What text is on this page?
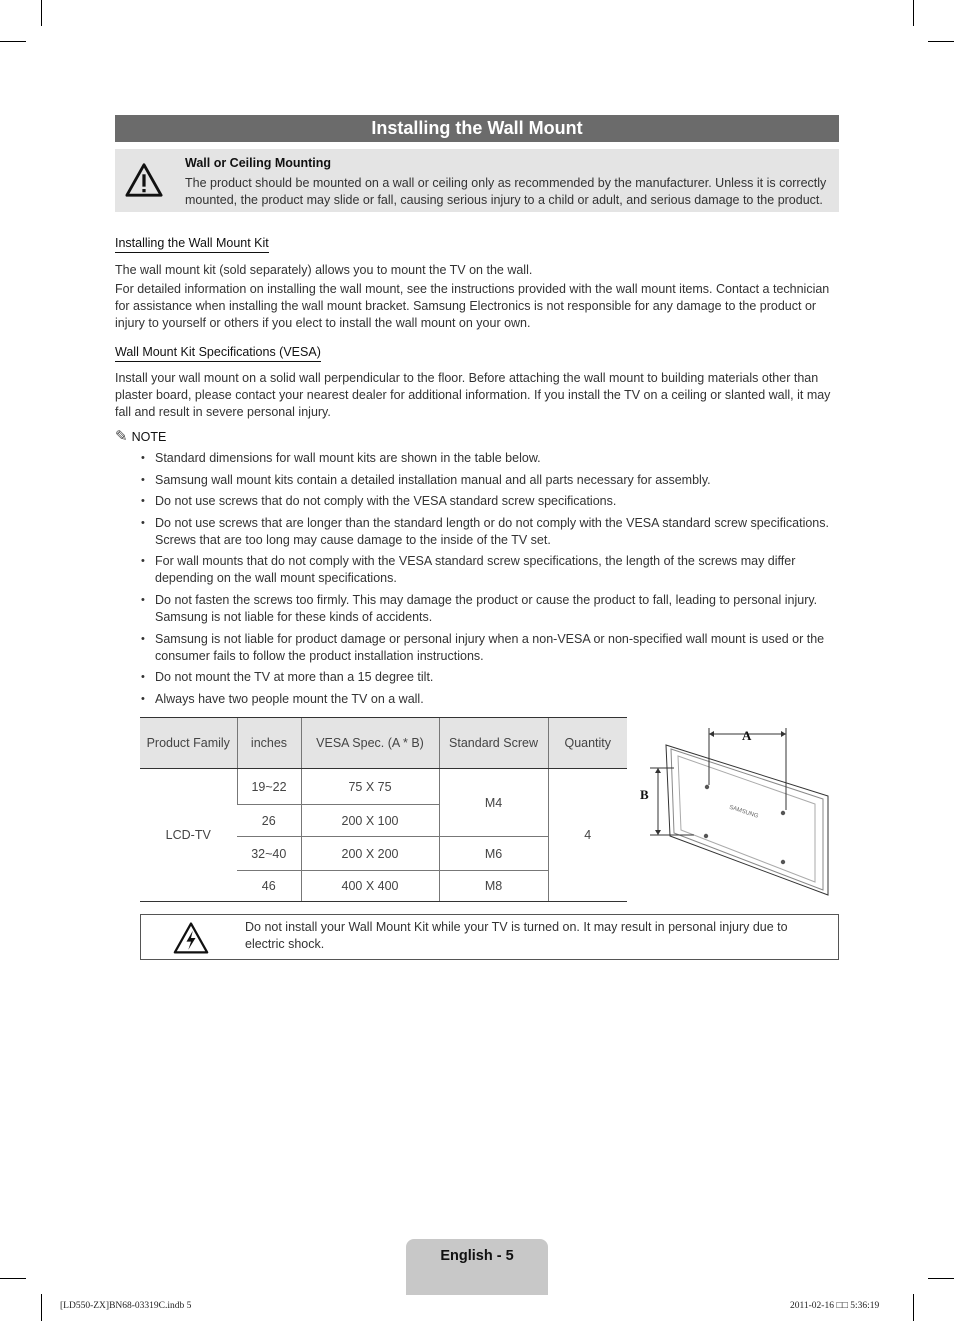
Installing the Wall Mount
Wall or Ceiling Mounting
The product should be mounted on a wall or ceiling only as recommended by the manufacturer. Unless it is correctly mounted, the product may slide or fall, causing serious injury to a child or adult, and serious damage to the product.
Installing the Wall Mount Kit

The wall mount kit (sold separately) allows you to mount the TV on the wall.

For detailed information on installing the wall mount, see the instructions provided with the wall mount items. Contact a technician for assistance when installing the wall mount bracket. Samsung Electronics is not responsible for any damage to the product or injury to yourself or others if you elect to install the wall mount on your own.

Wall Mount Kit Specifications (VESA)

Install your wall mount on a solid wall perpendicular to the floor. Before attaching the wall mount to building materials other than plaster board, please contact your nearest dealer for additional information. If you install the TV on a ceiling or slanted wall, it may fall and result in severe personal injury.

✎ NOTE
• Standard dimensions for wall mount kits are shown in the table below.
• Samsung wall mount kits contain a detailed installation manual and all parts necessary for assembly.
• Do not use screws that do not comply with the VESA standard screw specifications.
• Do not use screws that are longer than the standard length or do not comply with the VESA standard screw specifications. Screws that are too long may cause damage to the inside of the TV set.
• For wall mounts that do not comply with the VESA standard screw specifications, the length of the screws may differ depending on the wall mount specifications.
• Do not fasten the screws too firmly. This may damage the product or cause the product to fall, leading to personal injury. Samsung is not liable for these kinds of accidents.
• Samsung is not liable for product damage or personal injury when a non-VESA or non-specified wall mount is used or the consumer fails to follow the product installation instructions.
• Do not mount the TV at more than a 15 degree tilt.
• Always have two people mount the TV on a wall.
Product Family	inches	VESA Spec. (A * B)	Standard Screw	Quantity
LCD-TV	19~22	75 X 75	M4	4
	26	200 X 100		
	32~40	200 X 200	M6	
	46	400 X 400	M8	
A
B
SAMSUNG
Do not install your Wall Mount Kit while your TV is turned on. It may result in personal injury due to electric shock.
English - 5
[LD550-ZX]BN68-03319C.indb 5	2011-02-16 □□ 5:36:19
